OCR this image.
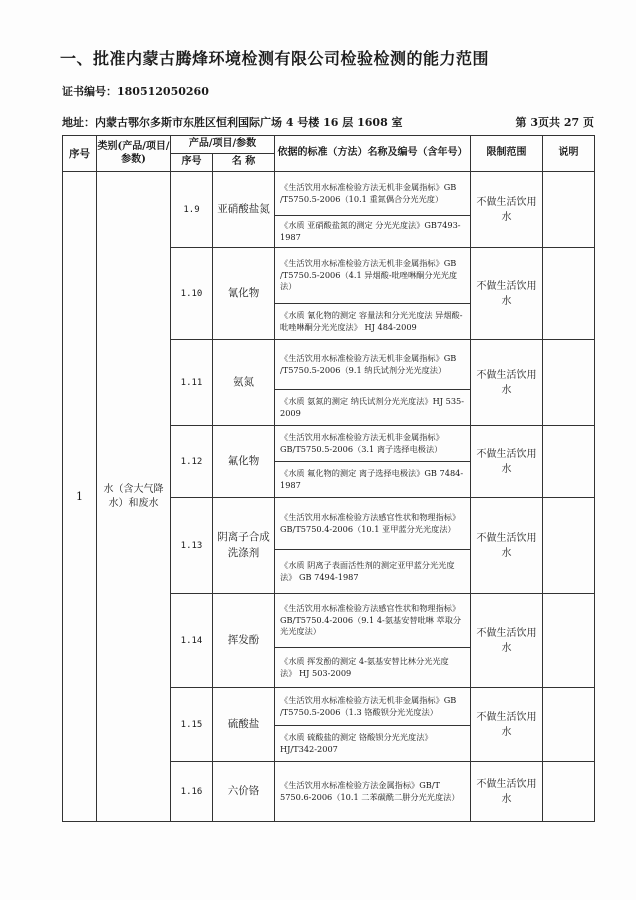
一、批准内蒙古腾烽环境检测有限公司检验检测的能力范围
证书编号：180512050260
地址：内蒙古鄂尔多斯市东胜区恒利国际广场 4 号楼 16 层 1608 室	第 3页共 27 页
序号	类别(产品/项目/参数)	产品/项目/参数		依据的标准（方法）名称及编号（含年号）	限制范围	说明
		序号	名 称			
1	水（含大气降水）和废水	1.9	亚硝酸盐氮	《生活饮用水标准检验方法无机非金属指标》GB /T5750.5-2006（10.1 重氮偶合分光光度）	不做生活饮用水	
				《水质 亚硝酸盐氮的测定 分光光度法》GB7493-1987		
		1.10	氰化物	《生活饮用水标准检验方法无机非金属指标》GB /T5750.5-2006（4.1 异烟酸-吡唑啉酮分光光度法）	不做生活饮用水	
				《水质 氰化物的测定 容量法和分光光度法 异烟酸-吡唑啉酮分光光度法》 HJ 484-2009		
		1.11	氨氮	《生活饮用水标准检验方法无机非金属指标》GB /T5750.5-2006（9.1 纳氏试剂分光光度法）	不做生活饮用水	
				《水质 氨氮的测定 纳氏试剂分光光度法》HJ 535-2009		
		1.12	氟化物	《生活饮用水标准检验方法无机非金属指标》GB/T5750.5-2006（3.1 离子选择电极法）	不做生活饮用水	
				《水质 氟化物的测定 离子选择电极法》GB 7484-1987		
		1.13	阴离子合成洗涤剂	《生活饮用水标准检验方法感官性状和物理指标》GB/T5750.4-2006（10.1 亚甲蓝分光光度法）	不做生活饮用水	
				《水质 阴离子表面活性剂的测定亚甲蓝分光光度法》 GB 7494-1987		
		1.14	挥发酚	《生活饮用水标准检验方法感官性状和物理指标》GB/T5750.4-2006（9.1 4-氨基安替吡啉 萃取分光光度法）	不做生活饮用水	
				《水质 挥发酚的测定 4-氨基安替比林分光光度法》 HJ 503-2009		
		1.15	硫酸盐	《生活饮用水标准检验方法无机非金属指标》GB /T5750.5-2006（1.3 铬酸钡分光光度法）	不做生活饮用水	
				《水质 硫酸盐的测定 铬酸钡分光光度法》HJ/T342-2007		
		1.16	六价铬	《生活饮用水标准检验方法金属指标》GB/T 5750.6-2006（10.1 二苯碳酰二肼分光光度法）	不做生活饮用水	
